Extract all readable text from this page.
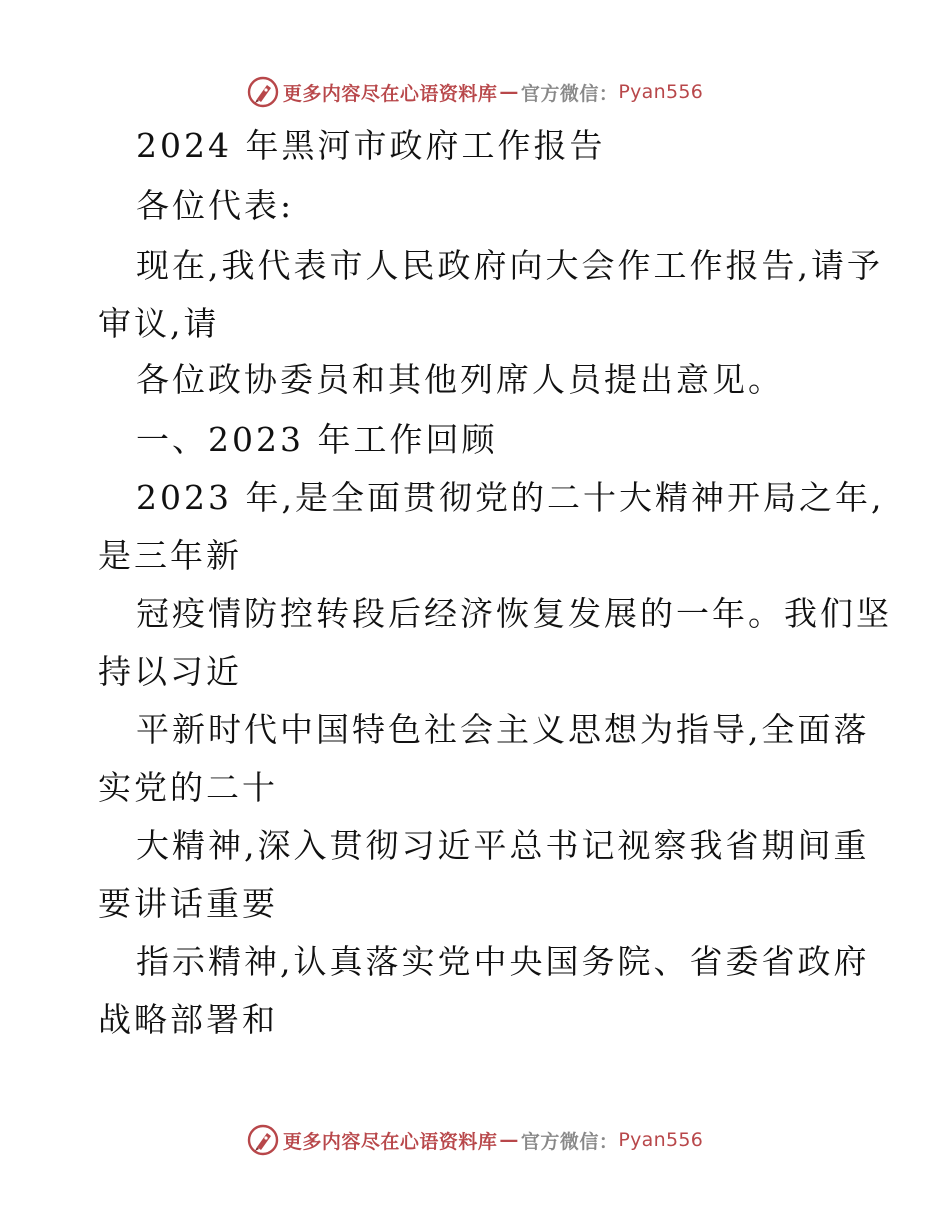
更多内容尽在心语资料库 — 官方微信： Pyan556

2024 年黑河市政府工作报告

各位代表:

现在,我代表市人民政府向大会作工作报告,请予

审议,请

各位政协委员和其他列席人员提出意见。

一、2023 年工作回顾

2023 年,是全面贯彻党的二十大精神开局之年,

是三年新

冠疫情防控转段后经济恢复发展的一年。我们坚

持以习近

平新时代中国特色社会主义思想为指导,全面落

实党的二十

大精神,深入贯彻习近平总书记视察我省期间重

要讲话重要

指示精神,认真落实党中央国务院、省委省政府

战略部署和

更多内容尽在心语资料库 — 官方微信： Pyan556
